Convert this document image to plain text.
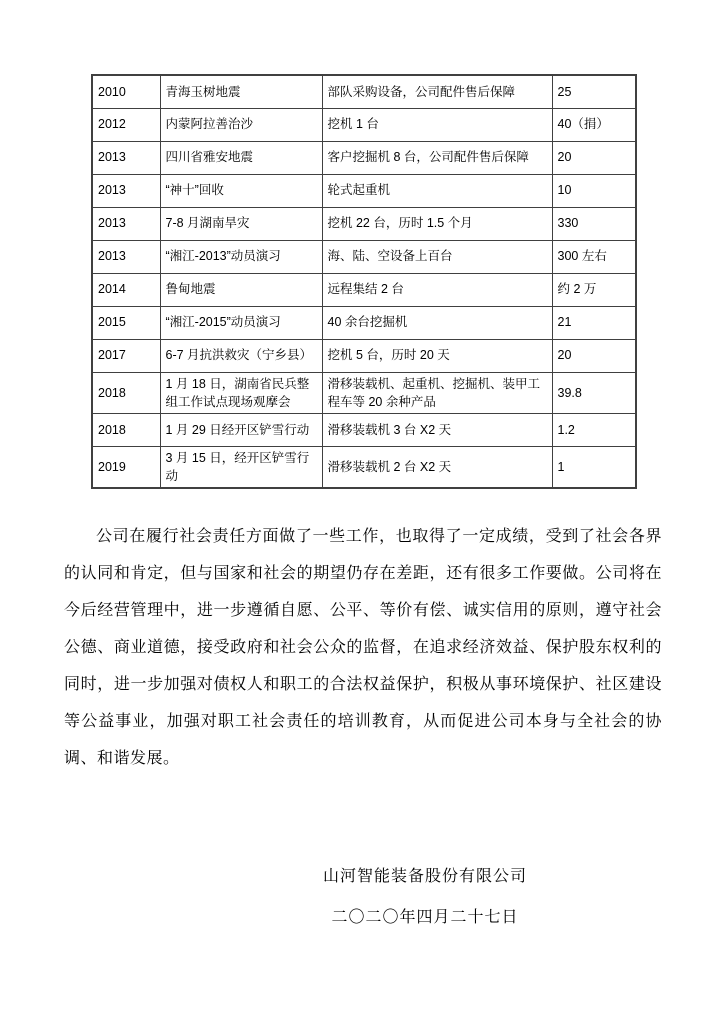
2010	青海玉树地震	部队采购设备，公司配件售后保障	25
2012	内蒙阿拉善治沙	挖机 1 台	40（捐）
2013	四川省雅安地震	客户挖掘机 8 台，公司配件售后保障	20
2013	“神十”回收	轮式起重机	10
2013	7-8 月湖南旱灾	挖机 22 台，历时 1.5 个月	330
2013	“湘江-2013”动员演习	海、陆、空设备上百台	300 左右
2014	鲁甸地震	远程集结 2 台	约 2 万
2015	“湘江-2015”动员演习	40 余台挖掘机	21
2017	6-7 月抗洪救灾（宁乡县）	挖机 5 台，历时 20 天	20
2018	1 月 18 日，湖南省民兵整组工作试点现场观摩会	滑移装载机、起重机、挖掘机、装甲工程车等 20 余种产品	39.8
2018	1 月 29 日经开区铲雪行动	滑移装载机 3 台 X2 天	1.2
2019	3 月 15 日，经开区铲雪行动	滑移装载机 2 台 X2 天	1

公司在履行社会责任方面做了一些工作，也取得了一定成绩，受到了社会各界的认同和肯定，但与国家和社会的期望仍存在差距，还有很多工作要做。公司将在今后经营管理中，进一步遵循自愿、公平、等价有偿、诚实信用的原则，遵守社会公德、商业道德，接受政府和社会公众的监督，在追求经济效益、保护股东权利的同时，进一步加强对债权人和职工的合法权益保护，积极从事环境保护、社区建设等公益事业，加强对职工社会责任的培训教育，从而促进公司本身与全社会的协调、和谐发展。

山河智能装备股份有限公司
二〇二〇年四月二十七日
